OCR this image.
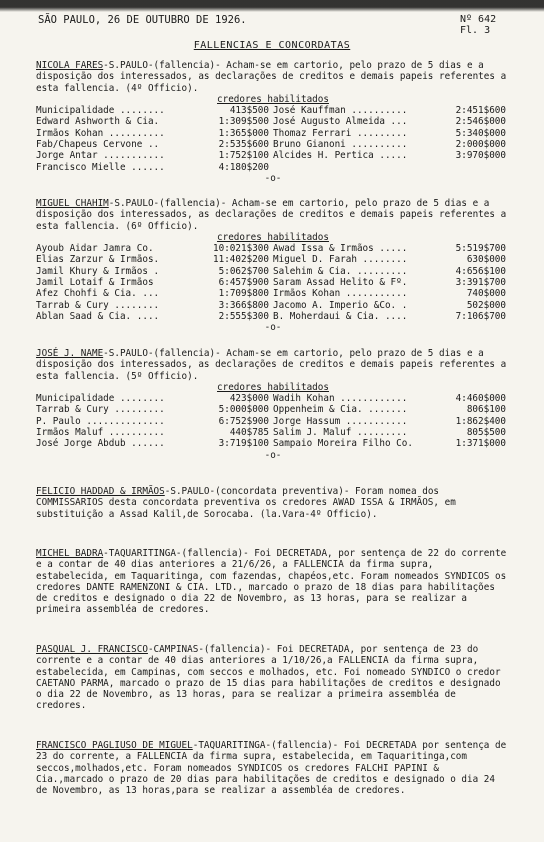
SÃO PAULO, 26 DE OUTUBRO DE 1926.	Nº 642
Fl. 3
FALLENCIAS E CONCORDATAS
NICOLA FARES-S.PAULO-(fallencia)- Acham-se em cartorio, pelo prazo de 5 dias e a disposição dos interessados, as declarações de creditos e demais papeis referentes a esta fallencia. (4º Officio).

credores habilitados

Municipalidade ........	413$500 José Kauffman ..........	2:451$600
Edward Ashworth & Cia.	1:309$500 José Augusto Almeida ...	2:546$000
Irmãos Kohan ..........	1:365$000 Thomaz Ferrari .........	5:340$000
Fab/Chapeus Cervone ..	2:535$600 Bruno Gianoni ..........	2:000$000
Jorge Antar ...........	1:752$100 Alcides H. Pertica .....	3:970$000
Francisco Mielle ......	4:180$200

-o-

MIGUEL CHAHIM-S.PAULO-(fallencia)- Acham-se em cartorio, pelo prazo de 5 dias e a disposição dos interessados, as declarações de creditos e demais papeis referentes a esta fallencia. (6º Officio).

credores habilitados

Ayoub Aidar Jamra Co.	10:021$300 Awad Issa & Irmãos .....	5:519$700
Elias Zarzur & Irmãos.	11:402$200 Miguel D. Farah ........	630$000
Jamil Khury & Irmãos .	5:062$700 Salehim & Cia. .........	4:656$100
Jamil Lotaif & Irmãos	6:457$900 Saram Assad Helito & Fº.	3:391$700
Afez Chohfi & Cia. ...	1:709$800 Irmãos Kohan ...........	740$000
Tarrab & Cury ........	3:366$800 Jacomo A. Imperio &Co. .	502$000
Ablan Saad & Cia. ....	2:555$300 B. Moherdaui & Cia. ....	7:106$700

-o-

JOSÉ J. NAME-S.PAULO-(fallencia)- Acham-se em cartorio, pelo prazo de 5 dias e a disposição dos interessados, as declarações de creditos e demais papeis referentes a esta fallencia. (5º Officio).

credores habilitados

Municipalidade ........	423$000 Wadih Kohan ............	4:460$000
Tarrab & Cury .........	5:000$000 Oppenheim & Cia. .......	806$100
P. Paulo ..............	6:752$900 Jorge Hassum ...........	1:862$400
Irmãos Maluf ..........	440$785 Salim J. Maluf .........	805$500
José Jorge Abdub ......	3:719$100 Sampaio Moreira Filho Co.	1:371$000

-o-

FELICIO HADDAD & IRMÃOS-S.PAULO-(concordata preventiva)- Foram nomea dos COMMISSARIOS desta concordata preventiva os credores AWAD ISSA & IRMÃOS, em substituição a Assad Kalil,de Sorocaba. (la.Vara-4º Officio).

MICHEL BADRA-TAQUARITINGA-(fallencia)- Foi DECRETADA, por sentença de 22 do corrente e a contar de 40 dias anteriores a 21/6/26, a FALLENCIA da firma supra, estabelecida, em Taquaritinga, com fazendas, chapéos,etc. Foram nomeados SYNDICOS os credores DANTE RAMENZONI & CIA. LTD., marcado o prazo de 18 dias para habilitações de creditos e designado o dia 22 de Novembro, as 13 horas, para se realizar a primeira assembléa de credores.

PASQUAL J. FRANCISCO-CAMPINAS-(fallencia)- Foi DECRETADA, por sentença de 23 do corrente e a contar de 40 dias anteriores a 1/10/26,a FALLENCIA da firma supra, estabelecida, em Campinas, com seccos e molhados, etc. Foi nomeado SYNDICO o credor CAETANO PARMA, marcado o prazo de 15 dias para habilitações de creditos e designado o dia 22 de Novembro, as 13 horas, para se realizar a primeira assembléa de credores.

FRANCISCO PAGLIUSO DE MIGUEL-TAQUARITINGA-(fallencia)- Foi DECRETADA por sentença de 23 do corrente, a FALLENCIA da firma supra, estabelecida, em Taquaritinga,com seccos,molhados,etc. Foram nomeados SYNDICOS os credores FALCHI PAPINI & Cia.,marcado o prazo de 20 dias para habilitações de creditos e designado o dia 24 de Novembro, as 13 horas,para se realizar a assembléa de credores.
